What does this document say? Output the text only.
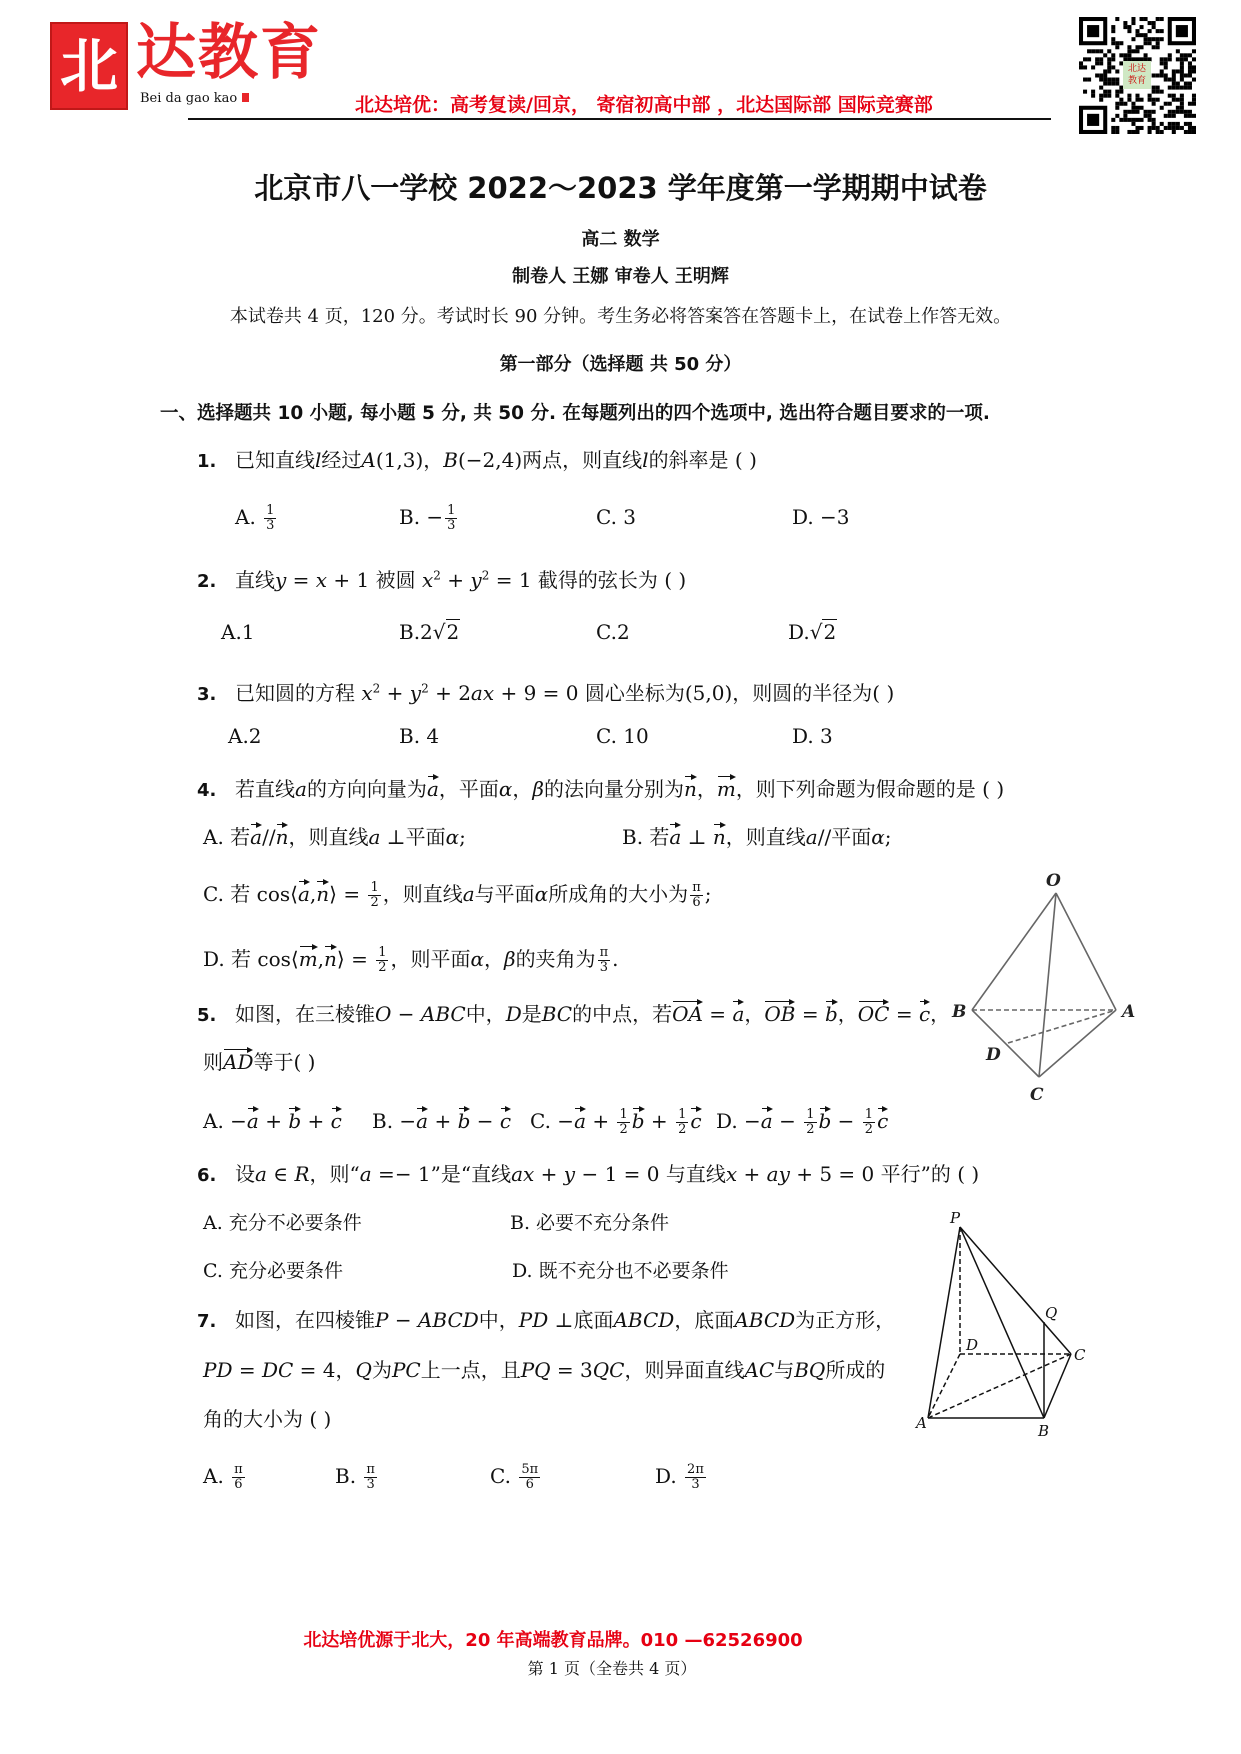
北 达教育
Bei da gao kao	北达培优：高考复读/回京， 寄宿初高中部 ，北达国际部 国际竞赛部
北达教育
北京市八一学校 2022～2023 学年度第一学期期中试卷
高二 数学
制卷人 王娜 审卷人 王明辉
本试卷共 4 页，120 分。考试时长 90 分钟。考生务必将答案答在答题卡上，在试卷上作答无效。
第一部分（选择题 共 50 分）
一、选择题共 10 小题, 每小题 5 分, 共 50 分. 在每题列出的四个选项中, 选出符合题目要求的一项.
1. 已知直线l经过A(1,3)，B(−2,4)两点，则直线l的斜率是 ( )
A. $\frac{1}{3}$	B. − $\frac{1}{3}$	C. 3	D. −3
2. 直线y = x + 1 被圆 $x^2 + y^2 = 1$ 截得的弦长为 ( )
A.1	B.2√2	C.2	D.√2
3. 已知圆的方程 $x^2 + y^2 + 2ax + 9 = 0$ 圆心坐标为(5,0)，则圆的半径为( )
A.2	B. 4	C. 10	D. 3
4. 若直线a的方向向量为a，平面α，β的法向量分别为n，m，则下列命题为假命题的是 ( )
A. 若a//n，则直线a ⊥平面α;	B. 若a ⊥ n，则直线a//平面α;
C. 若 cos⟨a,n⟩ = $\frac{1}{2}$ ，则直线a与平面α所成角的大小为 $\frac{\pi}{6}$ ;
D. 若 cos⟨m,n⟩ = $\frac{1}{2}$ ，则平面α，β的夹角为 $\frac{\pi}{3}$ .
5. 如图，在三棱锥O − ABC中，D是BC的中点，若OA = a，OB = b，OC = c，
则AD等于( )
A. −a + b + c B. −a + b − c C. $-a + \frac{1}{2}$ $b + \frac{1}{2}$ c D. $-a - \frac{1}{2}$ $b - \frac{1}{2}$ c
O
B	A
D
C
6. 设a ∈ R，则“a =− 1”是“直线ax + y − 1 = 0 与直线x + ay + 5 = 0 平行”的 ( )
A. 充分不必要条件	B. 必要不充分条件
C. 充分必要条件	D. 既不充分也不必要条件
7. 如图，在四棱锥P − ABCD中，PD ⊥底面ABCD，底面ABCD为正方形，
PD = DC = 4，Q为PC上一点，且PQ = 3QC，则异面直线AC与BQ所成的
角的大小为 ( )
A. $\frac{\pi}{6}$	B. $\frac{\pi}{3}$	C. $\frac{5\pi}{6}$	D. $\frac{2\pi}{3}$
P
Q
D
C
A	B
北达培优源于北大，20 年高端教育品牌。010 —62526900
第 1 页（全卷共 4 页）
